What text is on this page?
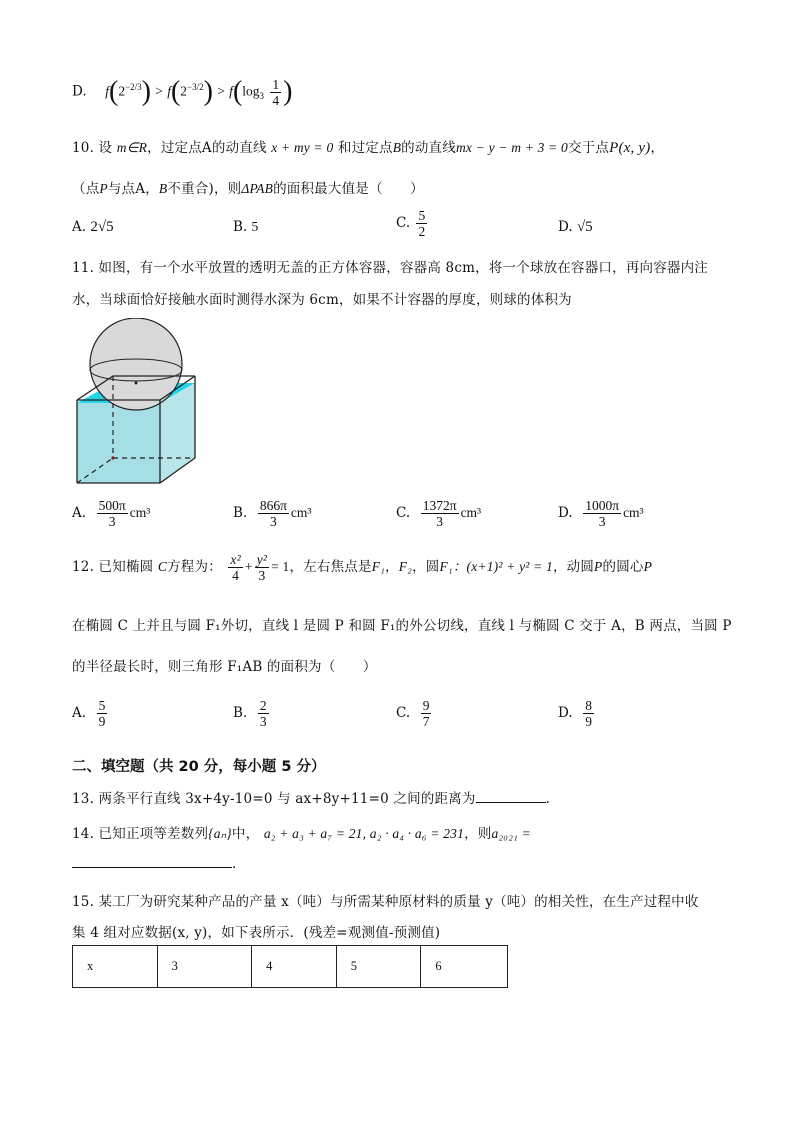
D. $f(2^{-2/3}) > f(2^{-3/2}) > f(\log_3 \frac{1}{4}$ )
10. 设 m∈R，过定点A的动直线 x + my = 0 和过定点B的动直线mx − y − m + 3 = 0交于点P(x, y)，
（点P与点A，B不重合)，则ΔPAB的面积最大值是（　　）
A. 2√5	B. 5	C. $\frac{5}{2}$	D. √5
11. 如图，有一个水平放置的透明无盖的正方体容器，容器高 8cm，将一个球放在容器口，再向容器内注
水，当球面恰好接触水面时测得水深为 6cm，如果不计容器的厚度，则球的体积为
A. $\frac{500\pi}{3} cm^3$	B. $\frac{866\pi}{3} cm^3$	C. $\frac{1372\pi}{3} cm^3$	D. $\frac{1000\pi}{3} cm^3$
12. 已知椭圆 C方程为： $\frac{\text{x²}}{4} + \frac{\text{y²}}{3} = 1$，左右焦点是F₁，F₂，圆F₁：(x+1)² + y² = 1，动圆P的圆心P
在椭圆 C 上并且与圆 F₁外切，直线 l 是圆 P 和圆 F₁的外公切线，直线 l 与椭圆 C 交于 A，B 两点，当圆 P
的半径最长时，则三角形 F₁AB 的面积为（　　）
A. $\frac{5}{9}$	B. $\frac{2}{3}$	C. $\frac{9}{7}$	D. $\frac{8}{9}$
二、填空题（共 20 分，每小题 5 分）
13. 两条平行直线 3x+4y-10=0 与 ax+8y+11=0 之间的距离为	.
14. 已知正项等差数列{aₙ}中， a₂ + a₃ + a₇ = 21, a₂ · a₄ · a₆ = 231，则a₂₀₂₁ =
.
15. 某工厂为研究某种产品的产量 x（吨）与所需某种原材料的质量 y（吨）的相关性，在生产过程中收
集 4 组对应数据(x, y)，如下表所示．(残差=观测值-预测值)
x	3	4	5	6
